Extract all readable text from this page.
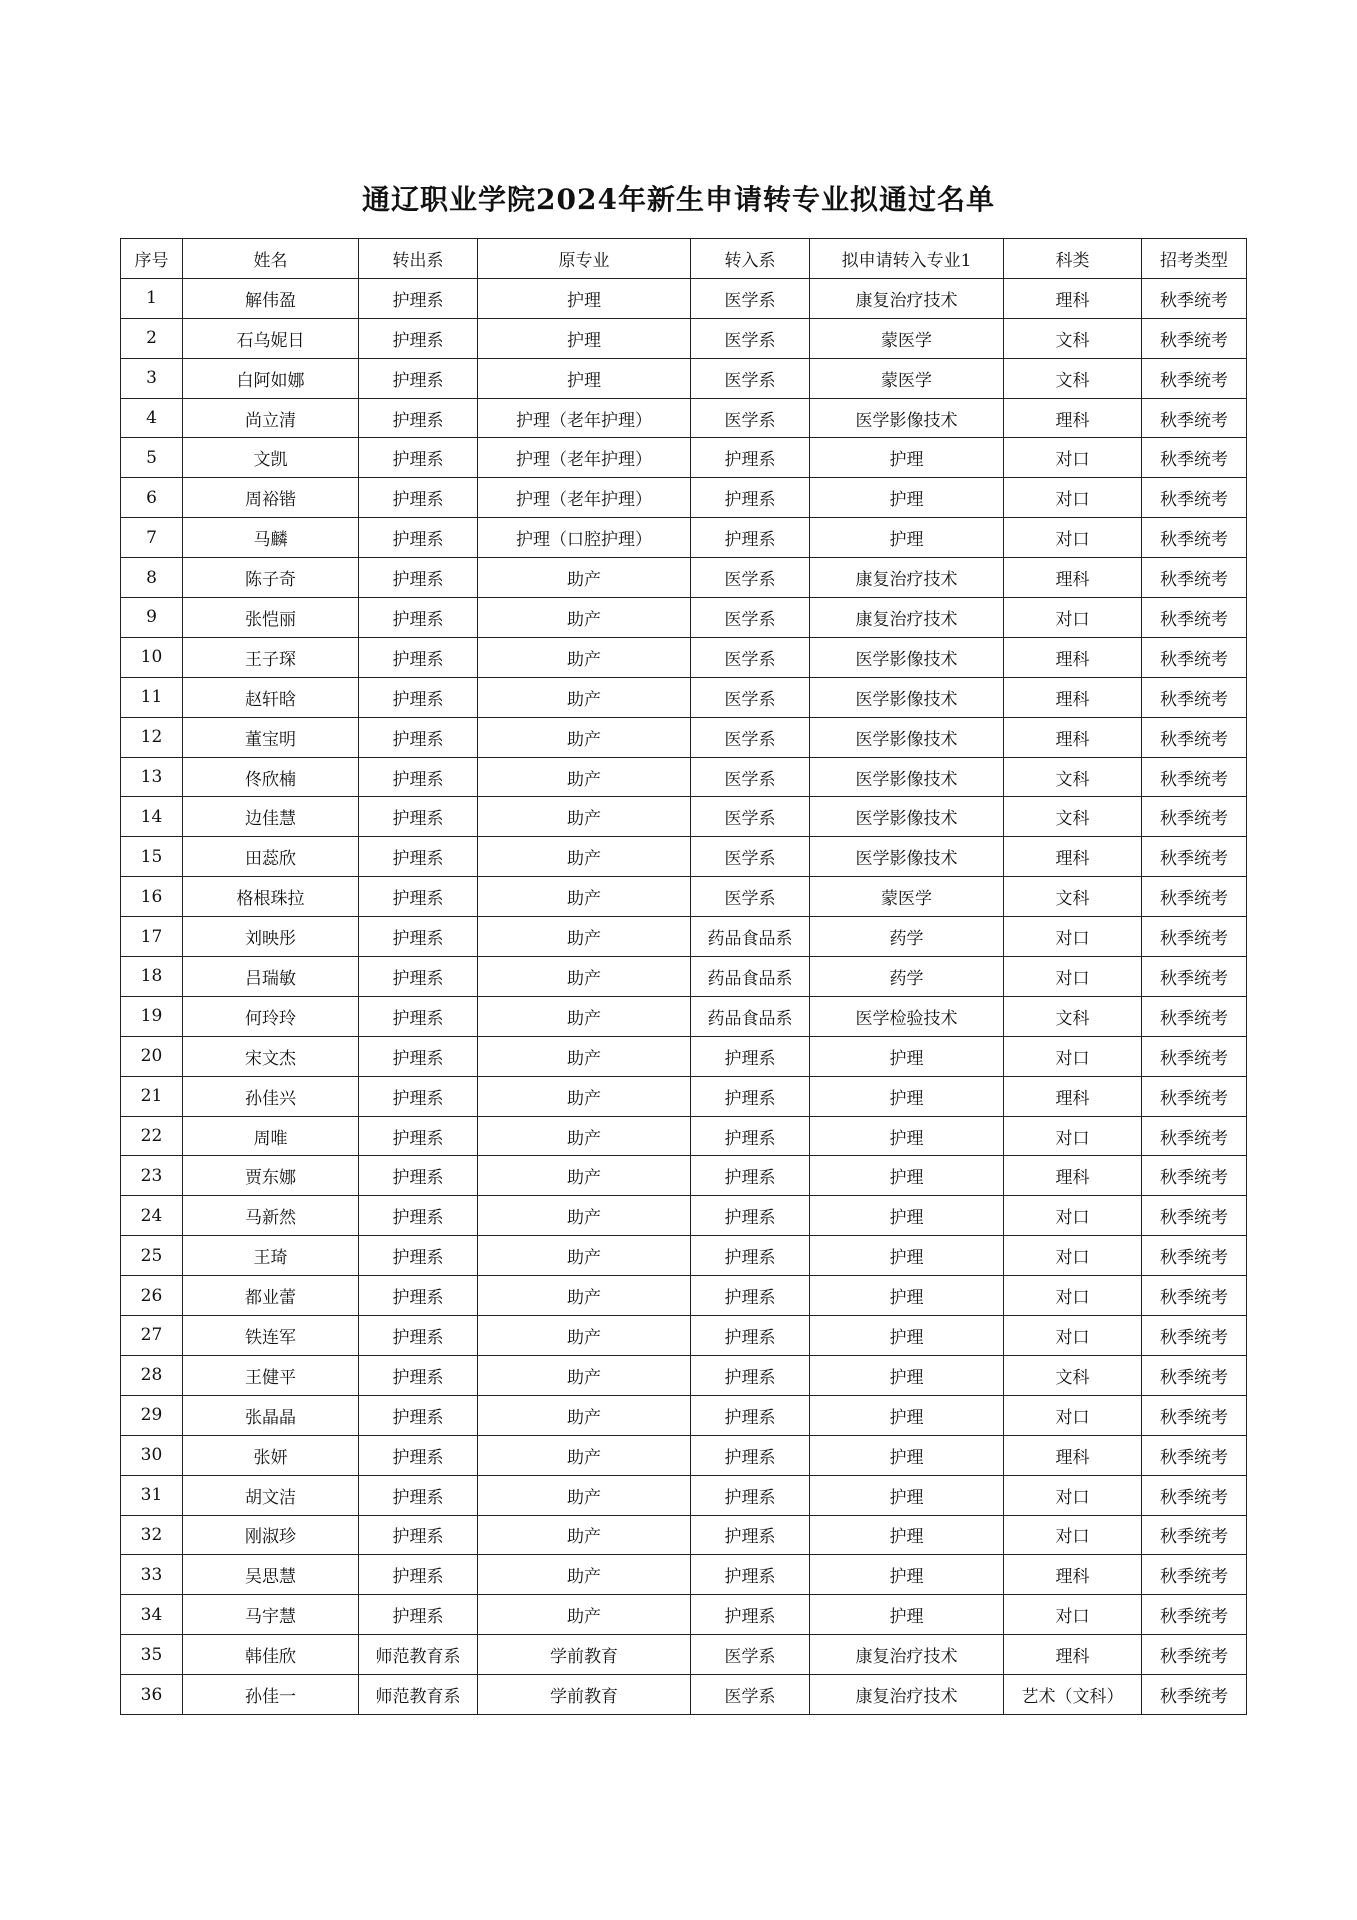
通辽职业学院2024年新生申请转专业拟通过名单
序号	姓名	转出系	原专业	转入系	拟申请转入专业1	科类	招考类型
1	解伟盈	护理系	护理	医学系	康复治疗技术	理科	秋季统考
2	石乌妮日	护理系	护理	医学系	蒙医学	文科	秋季统考
3	白阿如娜	护理系	护理	医学系	蒙医学	文科	秋季统考
4	尚立清	护理系	护理（老年护理）	医学系	医学影像技术	理科	秋季统考
5	文凯	护理系	护理（老年护理）	护理系	护理	对口	秋季统考
6	周裕锴	护理系	护理（老年护理）	护理系	护理	对口	秋季统考
7	马麟	护理系	护理（口腔护理）	护理系	护理	对口	秋季统考
8	陈子奇	护理系	助产	医学系	康复治疗技术	理科	秋季统考
9	张恺丽	护理系	助产	医学系	康复治疗技术	对口	秋季统考
10	王子琛	护理系	助产	医学系	医学影像技术	理科	秋季统考
11	赵轩晗	护理系	助产	医学系	医学影像技术	理科	秋季统考
12	董宝明	护理系	助产	医学系	医学影像技术	理科	秋季统考
13	佟欣楠	护理系	助产	医学系	医学影像技术	文科	秋季统考
14	边佳慧	护理系	助产	医学系	医学影像技术	文科	秋季统考
15	田蕊欣	护理系	助产	医学系	医学影像技术	理科	秋季统考
16	格根珠拉	护理系	助产	医学系	蒙医学	文科	秋季统考
17	刘映彤	护理系	助产	药品食品系	药学	对口	秋季统考
18	吕瑞敏	护理系	助产	药品食品系	药学	对口	秋季统考
19	何玲玲	护理系	助产	药品食品系	医学检验技术	文科	秋季统考
20	宋文杰	护理系	助产	护理系	护理	对口	秋季统考
21	孙佳兴	护理系	助产	护理系	护理	理科	秋季统考
22	周唯	护理系	助产	护理系	护理	对口	秋季统考
23	贾东娜	护理系	助产	护理系	护理	理科	秋季统考
24	马新然	护理系	助产	护理系	护理	对口	秋季统考
25	王琦	护理系	助产	护理系	护理	对口	秋季统考
26	都业蕾	护理系	助产	护理系	护理	对口	秋季统考
27	铁连军	护理系	助产	护理系	护理	对口	秋季统考
28	王健平	护理系	助产	护理系	护理	文科	秋季统考
29	张晶晶	护理系	助产	护理系	护理	对口	秋季统考
30	张妍	护理系	助产	护理系	护理	理科	秋季统考
31	胡文洁	护理系	助产	护理系	护理	对口	秋季统考
32	刚淑珍	护理系	助产	护理系	护理	对口	秋季统考
33	吴思慧	护理系	助产	护理系	护理	理科	秋季统考
34	马宇慧	护理系	助产	护理系	护理	对口	秋季统考
35	韩佳欣	师范教育系	学前教育	医学系	康复治疗技术	理科	秋季统考
36	孙佳一	师范教育系	学前教育	医学系	康复治疗技术	艺术（文科）	秋季统考
